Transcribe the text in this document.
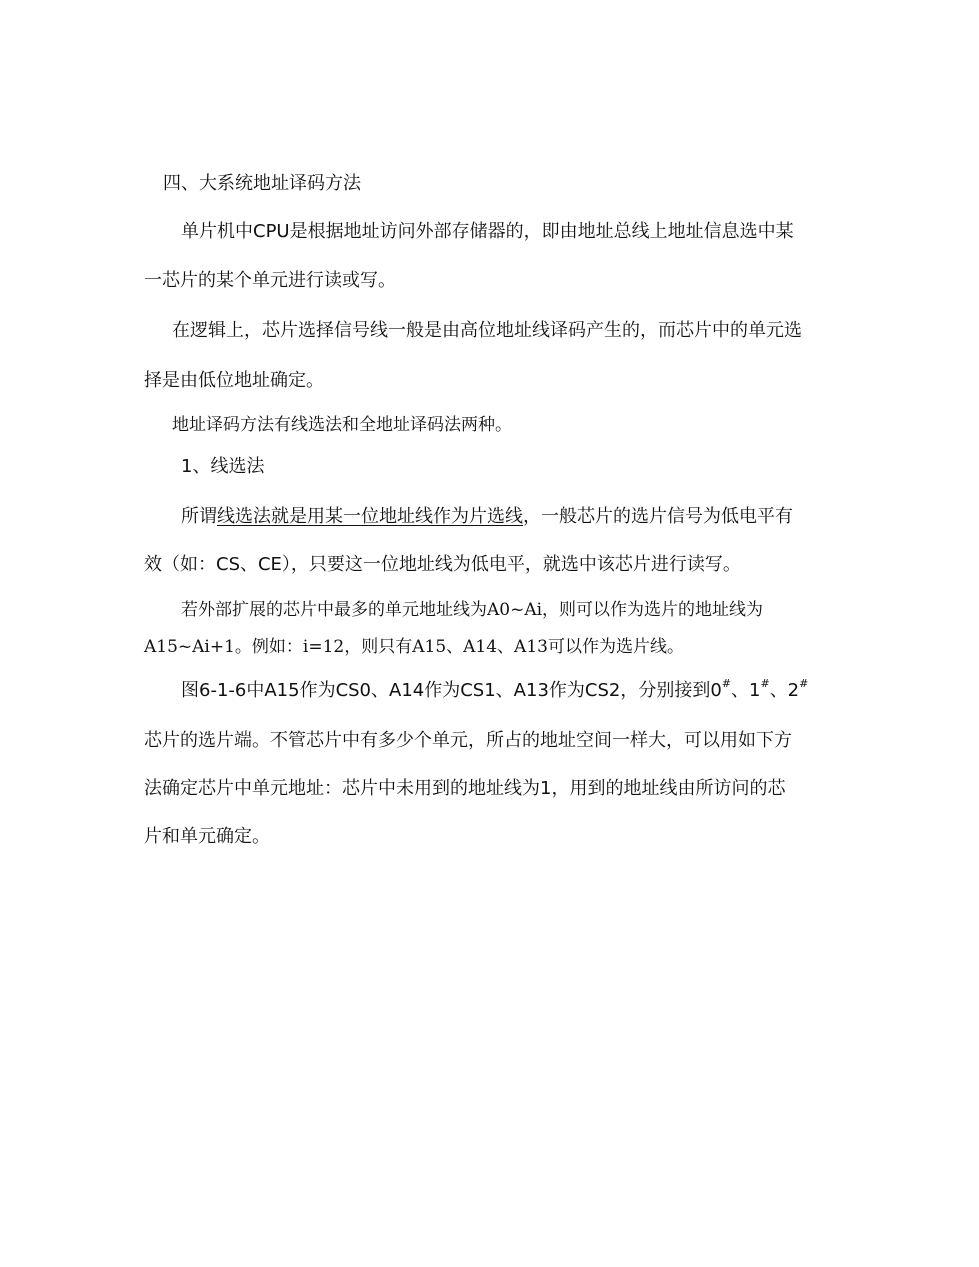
四、大系统地址译码方法
单片机中CPU是根据地址访问外部存储器的，即由地址总线上地址信息选中某
一芯片的某个单元进行读或写。
在逻辑上，芯片选择信号线一般是由高位地址线译码产生的，而芯片中的单元选
择是由低位地址确定。
地址译码方法有线选法和全地址译码法两种。
1、线选法
所谓线选法就是用某一位地址线作为片选线，一般芯片的选片信号为低电平有
效（如：CS、CE），只要这一位地址线为低电平，就选中该芯片进行读写。
若外部扩展的芯片中最多的单元地址线为A0~Ai，则可以作为选片的地址线为
A15~Ai+1。例如：i=12，则只有A15、A14、A13可以作为选片线。
图6-1-6中A15作为CS0、A14作为CS1、A13作为CS2，分别接到0#、1#、2#
芯片的选片端。不管芯片中有多少个单元，所占的地址空间一样大，可以用如下方
法确定芯片中单元地址：芯片中未用到的地址线为1，用到的地址线由所访问的芯
片和单元确定。
